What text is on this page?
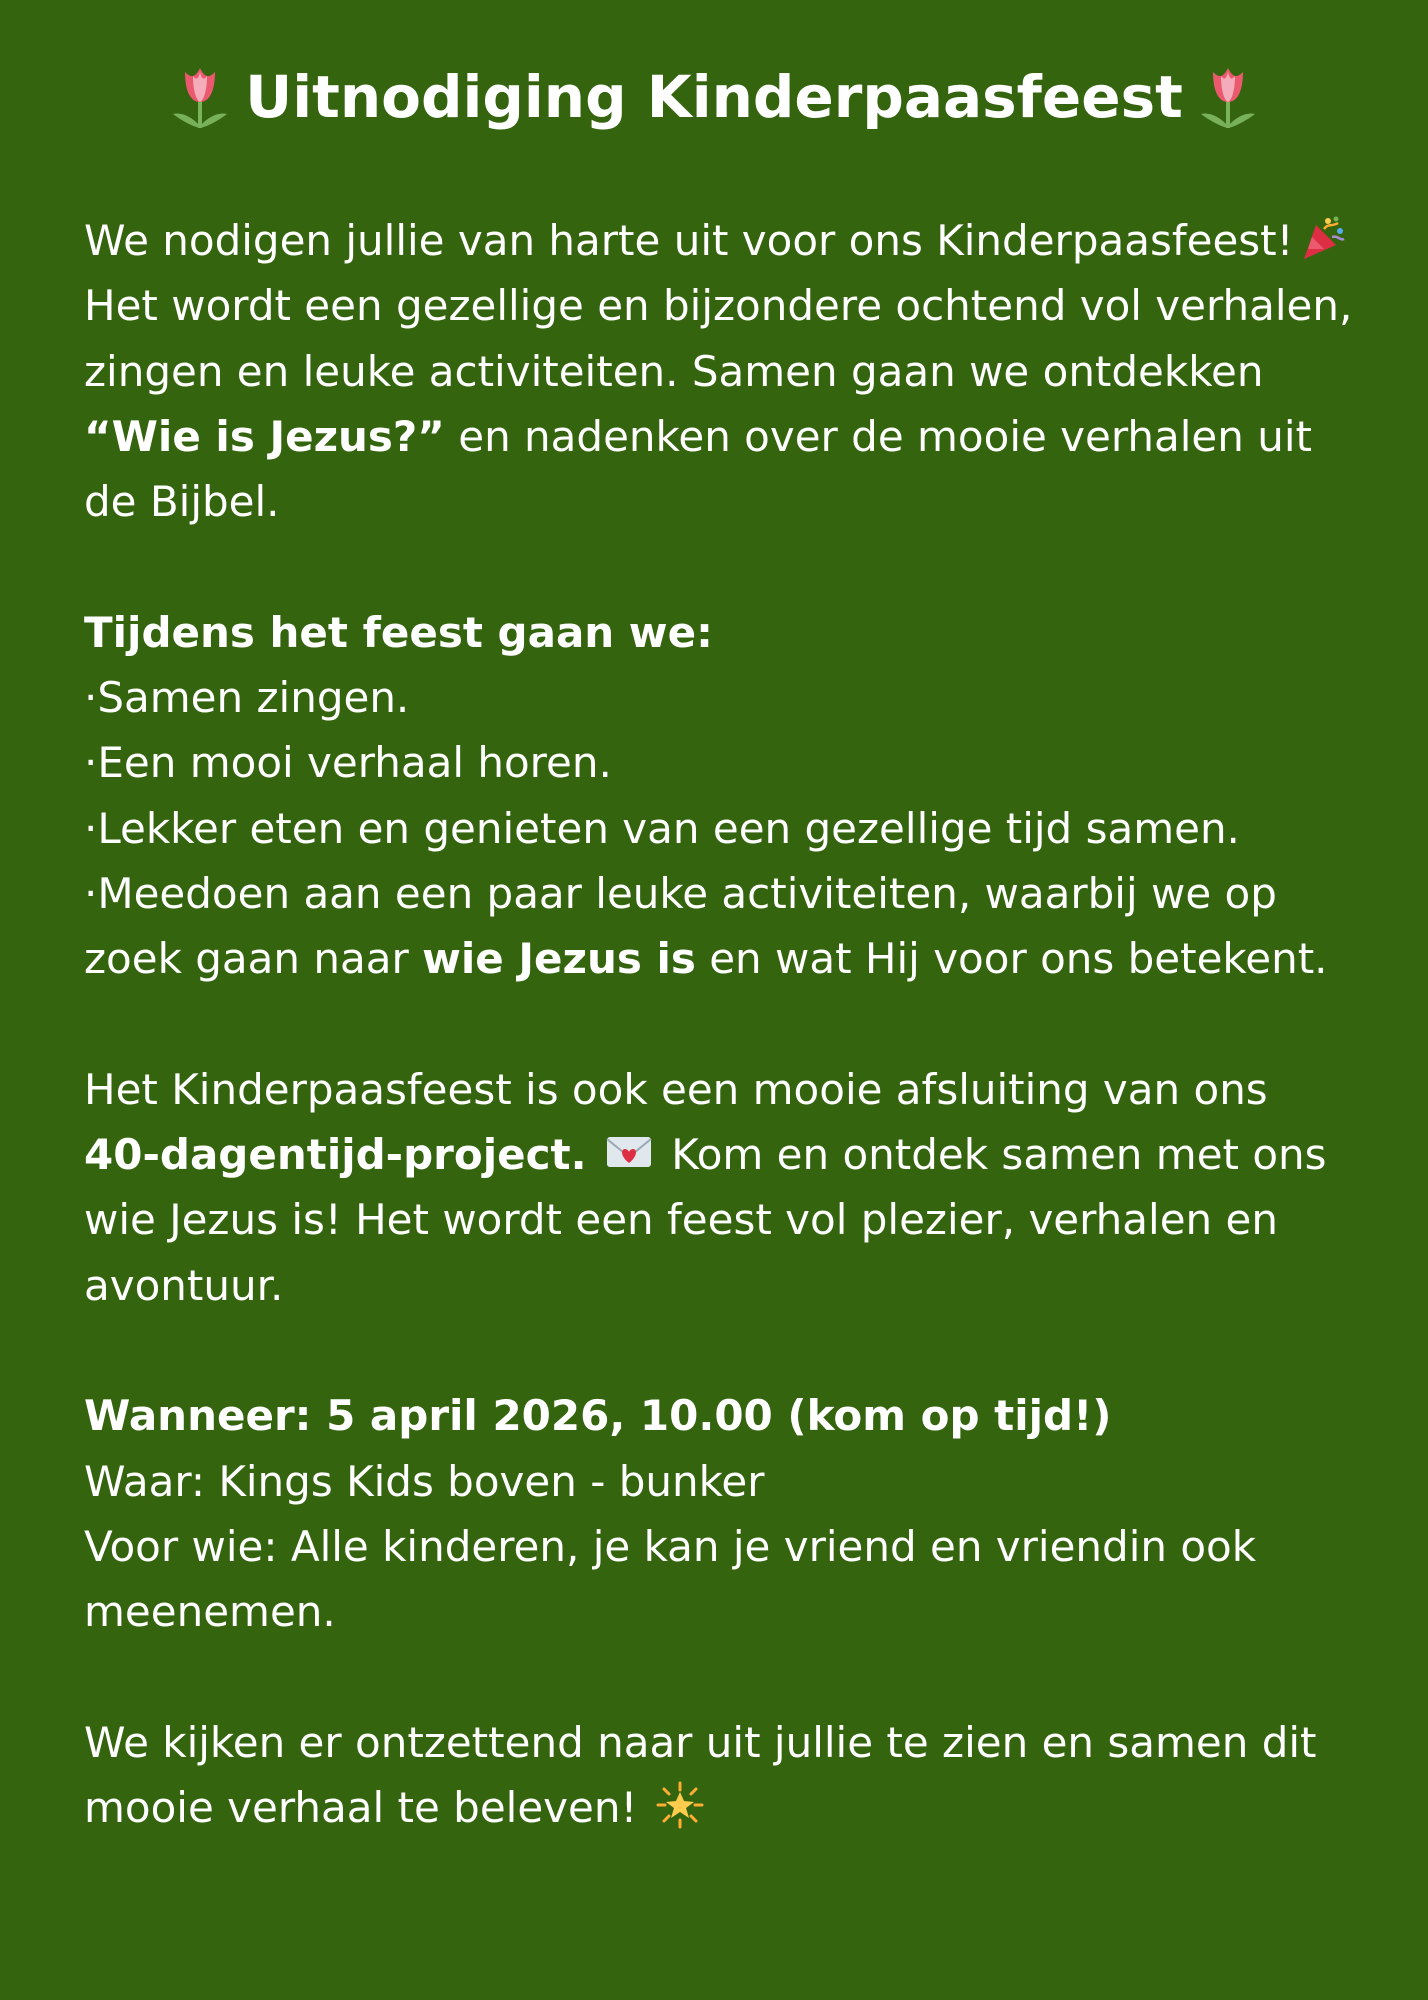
Uitnodiging Kinderpaasfeest

We nodigen jullie van harte uit voor ons Kinderpaasfeest! Het wordt een gezellige en bijzondere ochtend vol verhalen, zingen en leuke activiteiten. Samen gaan we ontdekken “Wie is Jezus?” en nadenken over de mooie verhalen uit de Bijbel.

Tijdens het feest gaan we:

·Samen zingen.

·Een mooi verhaal horen.

·Lekker eten en genieten van een gezellige tijd samen.

·Meedoen aan een paar leuke activiteiten, waarbij we op zoek gaan naar wie Jezus is en wat Hij voor ons betekent.

Het Kinderpaasfeest is ook een mooie afsluiting van ons 40-dagentijd-project.  Kom en ontdek samen met ons wie Jezus is! Het wordt een feest vol plezier, verhalen en avontuur.

Wanneer: 5 april 2026, 10.00 (kom op tijd!)

Waar: Kings Kids boven - bunker

Voor wie: Alle kinderen, je kan je vriend en vriendin ook meenemen.

We kijken er ontzettend naar uit jullie te zien en samen dit mooie verhaal te beleven!
